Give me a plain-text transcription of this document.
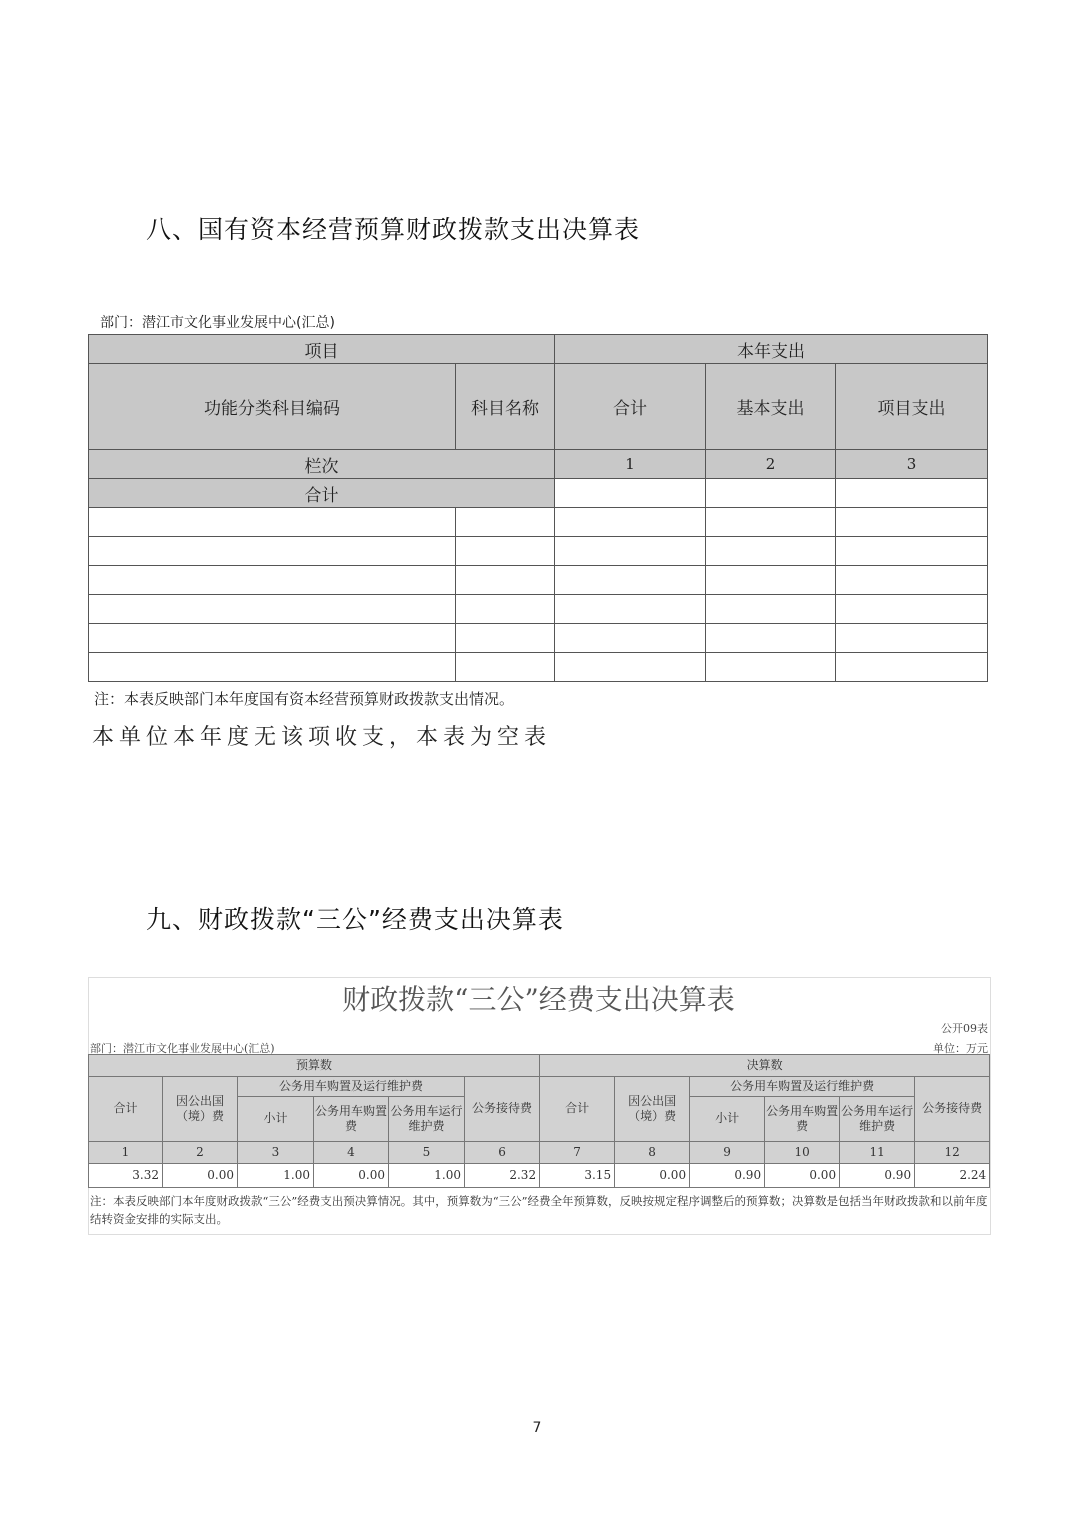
八、国有资本经营预算财政拨款支出决算表
部门：潜江市文化事业发展中心(汇总)
项目		本年支出		
功能分类科目编码	科目名称	合计	基本支出	项目支出
栏次		1	2	3
合计				

注：本表反映部门本年度国有资本经营预算财政拨款支出情况。
本单位本年度无该项收支，本表为空表
九、财政拨款“三公”经费支出决算表
财政拨款“三公”经费支出决算表
公开09表
单位：万元
部门：潜江市文化事业发展中心(汇总)
预算数						决算数					
合计	因公出国（境）费	公务用车购置及运行维护费			公务接待费	合计	因公出国（境）费	公务用车购置及运行维护费			公务接待费
		小计	公务用车购置费	公务用车运行维护费				小计	公务用车购置费	公务用车运行维护费	
1	2	3	4	5	6	7	8	9	10	11	12
3.32	0.00	1.00	0.00	1.00	2.32	3.15	0.00	0.90	0.00	0.90	2.24
注：本表反映部门本年度财政拨款“三公”经费支出预决算情况。其中，预算数为“三公”经费全年预算数，反映按规定程序调整后的预算数；决算数是包括当年财政拨款和以前年度结转资金安排的实际支出。
7
